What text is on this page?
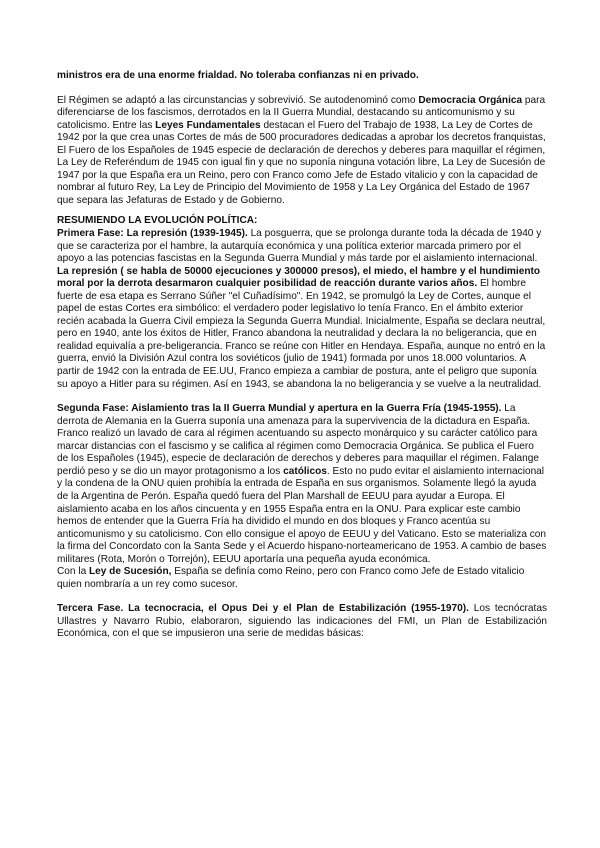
ministros era de una enorme frialdad. No toleraba confianzas ni en privado.

El Régimen se adaptó a las circunstancias y sobrevivió. Se autodenominó como Democracia Orgánica para diferenciarse de los fascismos, derrotados en la II Guerra Mundial, destacando su anticomunismo y su catolicismo. Entre las Leyes Fundamentales destacan el Fuero del Trabajo de 1938, La Ley de Cortes de 1942 por la que crea unas Cortes de más de 500 procuradores dedicadas a aprobar los decretos franquistas, El Fuero de los Españoles de 1945 especie de declaración de derechos y deberes para maquillar el régimen, La Ley de Referéndum de 1945 con igual fin y que no suponía ninguna votación libre, La Ley de Sucesión de 1947 por la que España era un Reino, pero con Franco como Jefe de Estado vitalicio y con la capacidad de nombrar al futuro Rey, La Ley de Principio del Movimiento de 1958 y La Ley Orgánica del Estado de 1967 que separa las Jefaturas de Estado y de Gobierno.

RESUMIENDO LA EVOLUCIÓN POLÍTICA:

Primera Fase: La represión (1939-1945). La posguerra, que se prolonga durante toda la década de 1940 y que se caracteriza por el hambre, la autarquía económica y una política exterior marcada primero por el apoyo a las potencias fascistas en la Segunda Guerra Mundial y más tarde por el aislamiento internacional. La represión ( se habla de 50000 ejecuciones y 300000 presos), el miedo, el hambre y el hundimiento moral por la derrota desarmaron cualquier posibilidad de reacción durante varios años. El hombre fuerte de esa etapa es Serrano Súñer "el Cuñadísimo". En 1942, se promulgó la Ley de Cortes, aunque el papel de estas Cortes era simbólico: el verdadero poder legislativo lo tenía Franco. En el ámbito exterior recién acabada la Guerra Civil empieza la Segunda Guerra Mundial. Inicialmente, España se declara neutral, pero en 1940, ante los éxitos de Hitler, Franco abandona la neutralidad y declara la no beligerancia, que en realidad equivalía a pre-beligerancia. Franco se reúne con Hitler en Hendaya. España, aunque no entró en la guerra, envió la División Azul contra los soviéticos (julio de 1941) formada por unos 18.000 voluntarios. A partir de 1942 con la entrada de EE.UU, Franco empieza a cambiar de postura, ante el peligro que suponía su apoyo a Hitler para su régimen. Así en 1943, se abandona la no beligerancia y se vuelve a la neutralidad.

Segunda Fase: Aislamiento tras la II Guerra Mundial y apertura en la Guerra Fría (1945-1955). La derrota de Alemania en la Guerra suponía una amenaza para la supervivencia de la dictadura en España. Franco realizó un lavado de cara al régimen acentuando su aspecto monárquico y su carácter católico para marcar distancias con el fascismo y se califica al régimen como Democracia Orgánica. Se publica el Fuero de los Españoles (1945), especie de declaración de derechos y deberes para maquillar el régimen. Falange perdió peso y se dio un mayor protagonismo a los católicos. Esto no pudo evitar el aislamiento internacional y la condena de la ONU quien prohibía la entrada de España en sus organismos. Solamente llegó la ayuda de la Argentina de Perón. España quedó fuera del Plan Marshall de EEUU para ayudar a Europa. El aislamiento acaba en los años cincuenta y en 1955 España entra en la ONU. Para explicar este cambio hemos de entender que la Guerra Fría ha dividido el mundo en dos bloques y Franco acentúa su anticomunismo y su catolicismo. Con ello consigue el apoyo de EEUU y del Vaticano. Esto se materializa con la firma del Concordato con la Santa Sede y el Acuerdo hispano-norteamericano de 1953. A cambio de bases militares (Rota, Morón o Torrejón), EEUU aportaría una pequeña ayuda económica.

Con la Ley de Sucesión, España se definía como Reino, pero con Franco como Jefe de Estado vitalicio quien nombraría a un rey como sucesor.

Tercera Fase. La tecnocracia, el Opus Dei y el Plan de Estabilización (1955-1970). Los tecnócratas Ullastres y Navarro Rubio, elaboraron, siguiendo las indicaciones del FMI, un Plan de Estabilización Económica, con el que se impusieron una serie de medidas básicas:
